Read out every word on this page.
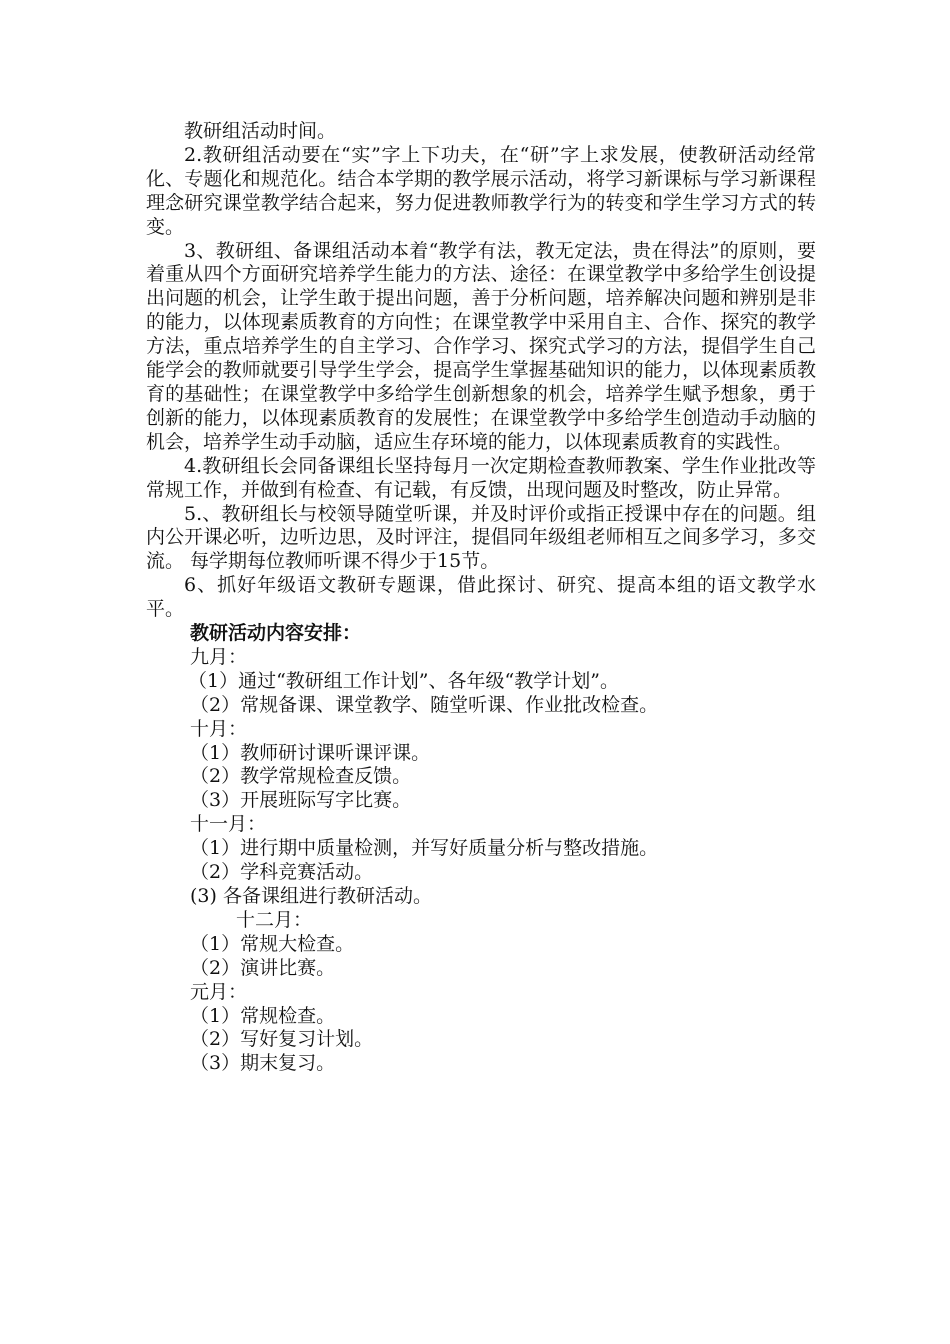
教研组活动时间。

2.教研组活动要在“实”字上下功夫，在“研”字上求发展，使教研活动经常化、专题化和规范化。结合本学期的教学展示活动，将学习新课标与学习新课程理念研究课堂教学结合起来，努力促进教师教学行为的转变和学生学习方式的转变。

3、教研组、备课组活动本着“教学有法，教无定法，贵在得法”的原则，要着重从四个方面研究培养学生能力的方法、途径：在课堂教学中多给学生创设提出问题的机会，让学生敢于提出问题，善于分析问题，培养解决问题和辨别是非的能力，以体现素质教育的方向性；在课堂教学中采用自主、合作、探究的教学方法，重点培养学生的自主学习、合作学习、探究式学习的方法，提倡学生自己能学会的教师就要引导学生学会，提高学生掌握基础知识的能力，以体现素质教育的基础性；在课堂教学中多给学生创新想象的机会，培养学生赋予想象，勇于创新的能力，以体现素质教育的发展性；在课堂教学中多给学生创造动手动脑的机会，培养学生动手动脑，适应生存环境的能力，以体现素质教育的实践性。

4.教研组长会同备课组长坚持每月一次定期检查教师教案、学生作业批改等常规工作，并做到有检查、有记载，有反馈，出现问题及时整改，防止异常。

5.、教研组长与校领导随堂听课，并及时评价或指正授课中存在的问题。组内公开课必听，边听边思，及时评注，提倡同年级组老师相互之间多学习，多交流。 每学期每位教师听课不得少于15节。

6、抓好年级语文教研专题课，借此探讨、研究、提高本组的语文教学水平。

教研活动内容安排：

九月：

（1）通过“教研组工作计划”、各年级“教学计划”。

（2）常规备课、课堂教学、随堂听课、作业批改检查。

十月：

（1）教师研讨课听课评课。

（2）教学常规检查反馈。

（3）开展班际写字比赛。

十一月：

（1）进行期中质量检测，并写好质量分析与整改措施。

（2）学科竞赛活动。

(3) 各备课组进行教研活动。

十二月：

（1）常规大检查。

（2）演讲比赛。

元月：

（1）常规检查。

（2）写好复习计划。

（3）期末复习。
